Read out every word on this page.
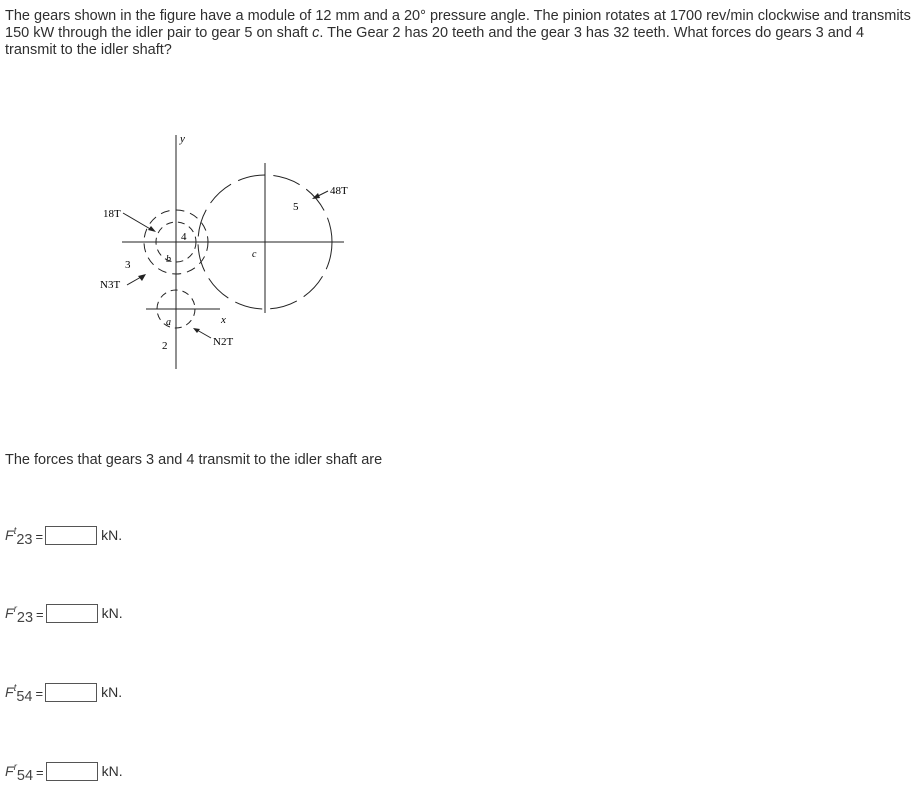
The gears shown in the figure have a module of 12 mm and a 20° pressure angle. The pinion rotates at 1700 rev/min clockwise and transmits 150 kW through the idler pair to gear 5 on shaft c. The Gear 2 has 20 teeth and the gear 3 has 32 teeth. What forces do gears 3 and 4 transmit to the idler shaft?

y
x
b
a
c
3
4
2
5
18T
48T
N3T
N2T

The forces that gears 3 and 4 transmit to the idler shaft are

$F^t$
23 =	kN.
$F^r$
23 =	kN.
$F^t$
54 =	kN.
$F^r$
54 =	kN.
